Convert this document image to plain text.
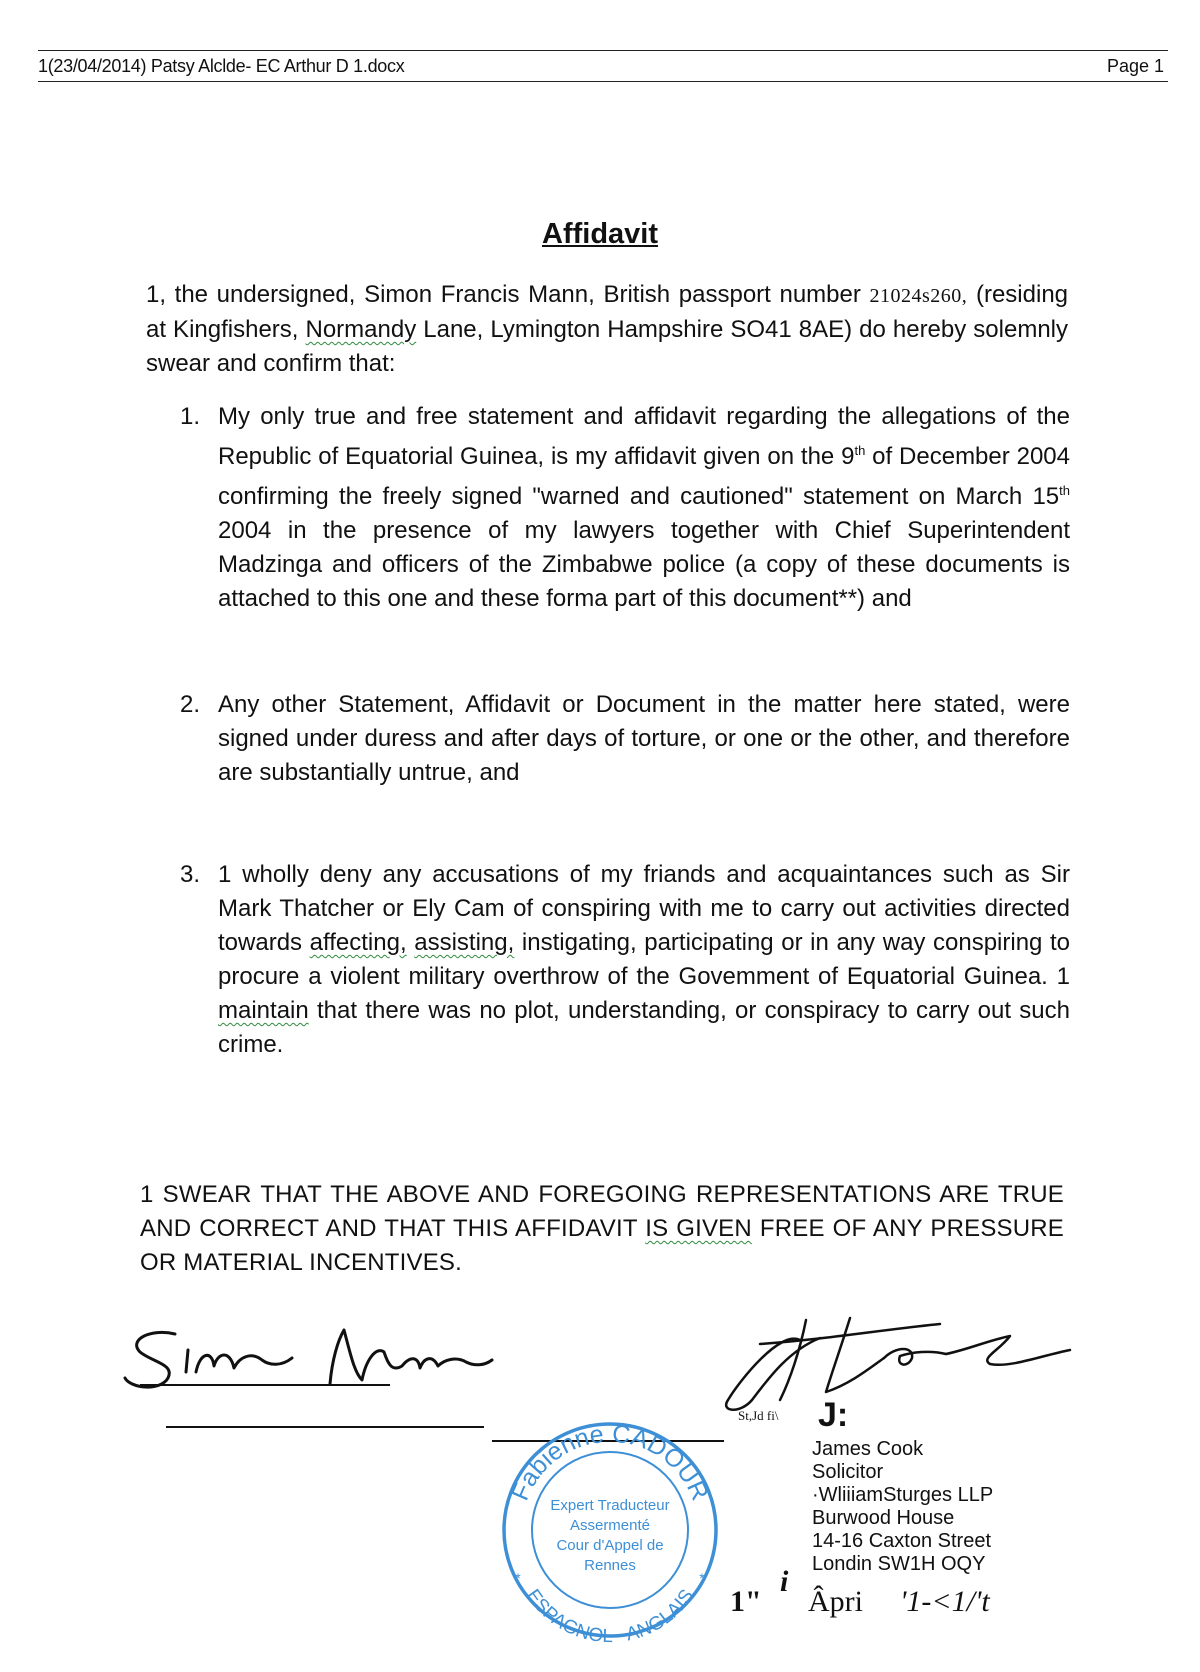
1(23/04/2014) Patsy Alclde- EC Arthur D 1.docx	Page 1
Affidavit
1, the undersigned, Simon Francis Mann, British passport number 21024s260, (residing at Kingfishers, Normandy Lane, Lymington Hampshire SO41 8AE) do hereby solemnly swear and confirm that:
1. My only true and free statement and affidavit regarding the allegations of the Republic of Equatorial Guinea, is my affidavit given on the 9th of December 2004 confirming the freely signed "warned and cautioned" statement on March 15th 2004 in the presence of my lawyers together with Chief Superintendent Madzinga and officers of the Zimbabwe police (a copy of these documents is attached to this one and these forma part of this document**) and
2. Any other Statement, Affidavit or Document in the matter here stated, were signed under duress and after days of torture, or one or the other, and therefore are substantially untrue, and
3. 1 wholly deny any accusations of my friands and acquaintances such as Sir Mark Thatcher or Ely Cam of conspiring with me to carry out activities directed towards affecting, assisting, instigating, participating or in any way conspiring to procure a violent military overthrow of the Govemment of Equatorial Guinea. 1 maintain that there was no plot, understanding, or conspiracy to carry out such crime.
1 SWEAR THAT THE ABOVE AND FOREGOING REPRESENTATIONS ARE TRUE AND CORRECT AND THAT THIS AFFIDAVIT IS GIVEN FREE OF ANY PRESSURE OR MATERIAL INCENTIVES.
Fabienne CADOUR
ESPAGNOL - ANGLAIS
Expert Traducteur
Assermenté
Cour d'Appel de
Rennes
*	*
St,Jd fi\ J:
James Cook
Solicitor
·WliiiamSturges LLP
Burwood House
14-16 Caxton Street
Londin SW1H OQY
1"
i
Âpri '1-<1/'t
